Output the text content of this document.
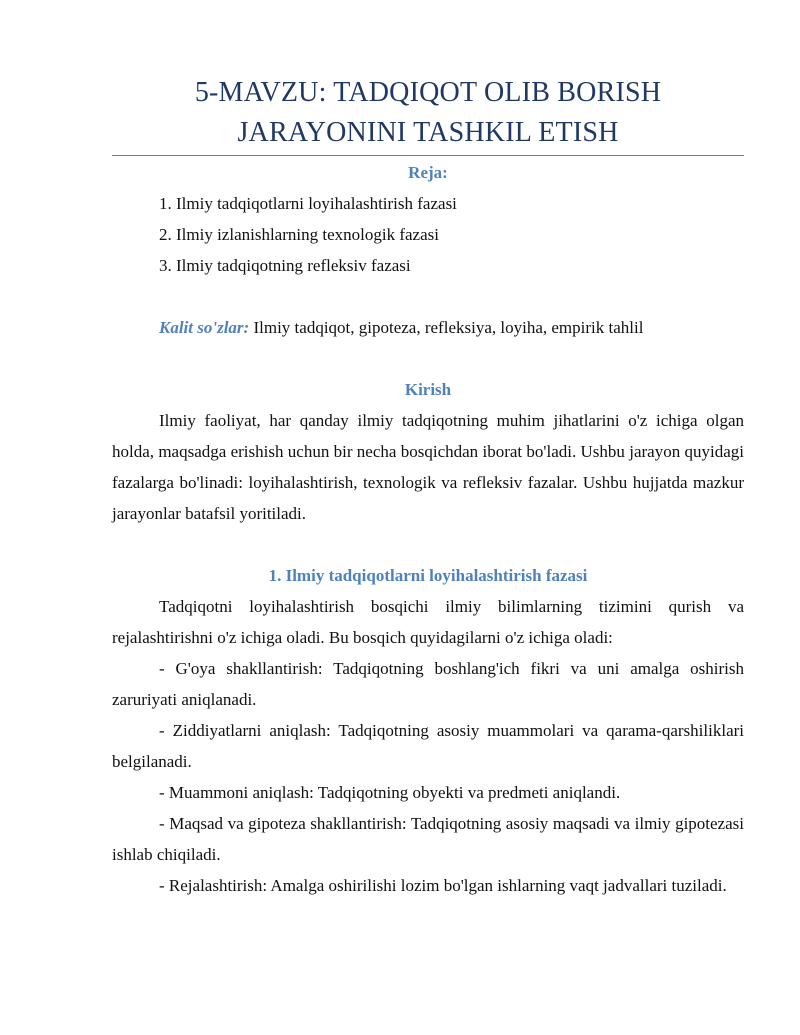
5-MAVZU: TADQIQOT OLIB BORISH
JARAYONINI TASHKIL ETISH
Reja:
1. Ilmiy tadqiqotlarni loyihalashtirish fazasi
2. Ilmiy izlanishlarning texnologik fazasi
3. Ilmiy tadqiqotning refleksiv fazasi

Kalit so'zlar: Ilmiy tadqiqot, gipoteza, refleksiya, loyiha, empirik tahlil

Kirish

Ilmiy faoliyat, har qanday ilmiy tadqiqotning muhim jihatlarini o'z ichiga olgan holda, maqsadga erishish uchun bir necha bosqichdan iborat bo'ladi. Ushbu jarayon quyidagi fazalarga bo'linadi: loyihalashtirish, texnologik va refleksiv fazalar. Ushbu hujjatda mazkur jarayonlar batafsil yoritiladi.

1. Ilmiy tadqiqotlarni loyihalashtirish fazasi

Tadqiqotni loyihalashtirish bosqichi ilmiy bilimlarning tizimini qurish va rejalashtirishni o'z ichiga oladi. Bu bosqich quyidagilarni o'z ichiga oladi:

- G'oya shakllantirish: Tadqiqotning boshlang'ich fikri va uni amalga oshirish zaruriyati aniqlanadi.

- Ziddiyatlarni aniqlash: Tadqiqotning asosiy muammolari va qarama-qarshiliklari belgilanadi.

- Muammoni aniqlash: Tadqiqotning obyekti va predmeti aniqlandi.

- Maqsad va gipoteza shakllantirish: Tadqiqotning asosiy maqsadi va ilmiy gipotezasi ishlab chiqiladi.

- Rejalashtirish: Amalga oshirilishi lozim bo'lgan ishlarning vaqt jadvallari tuziladi.
